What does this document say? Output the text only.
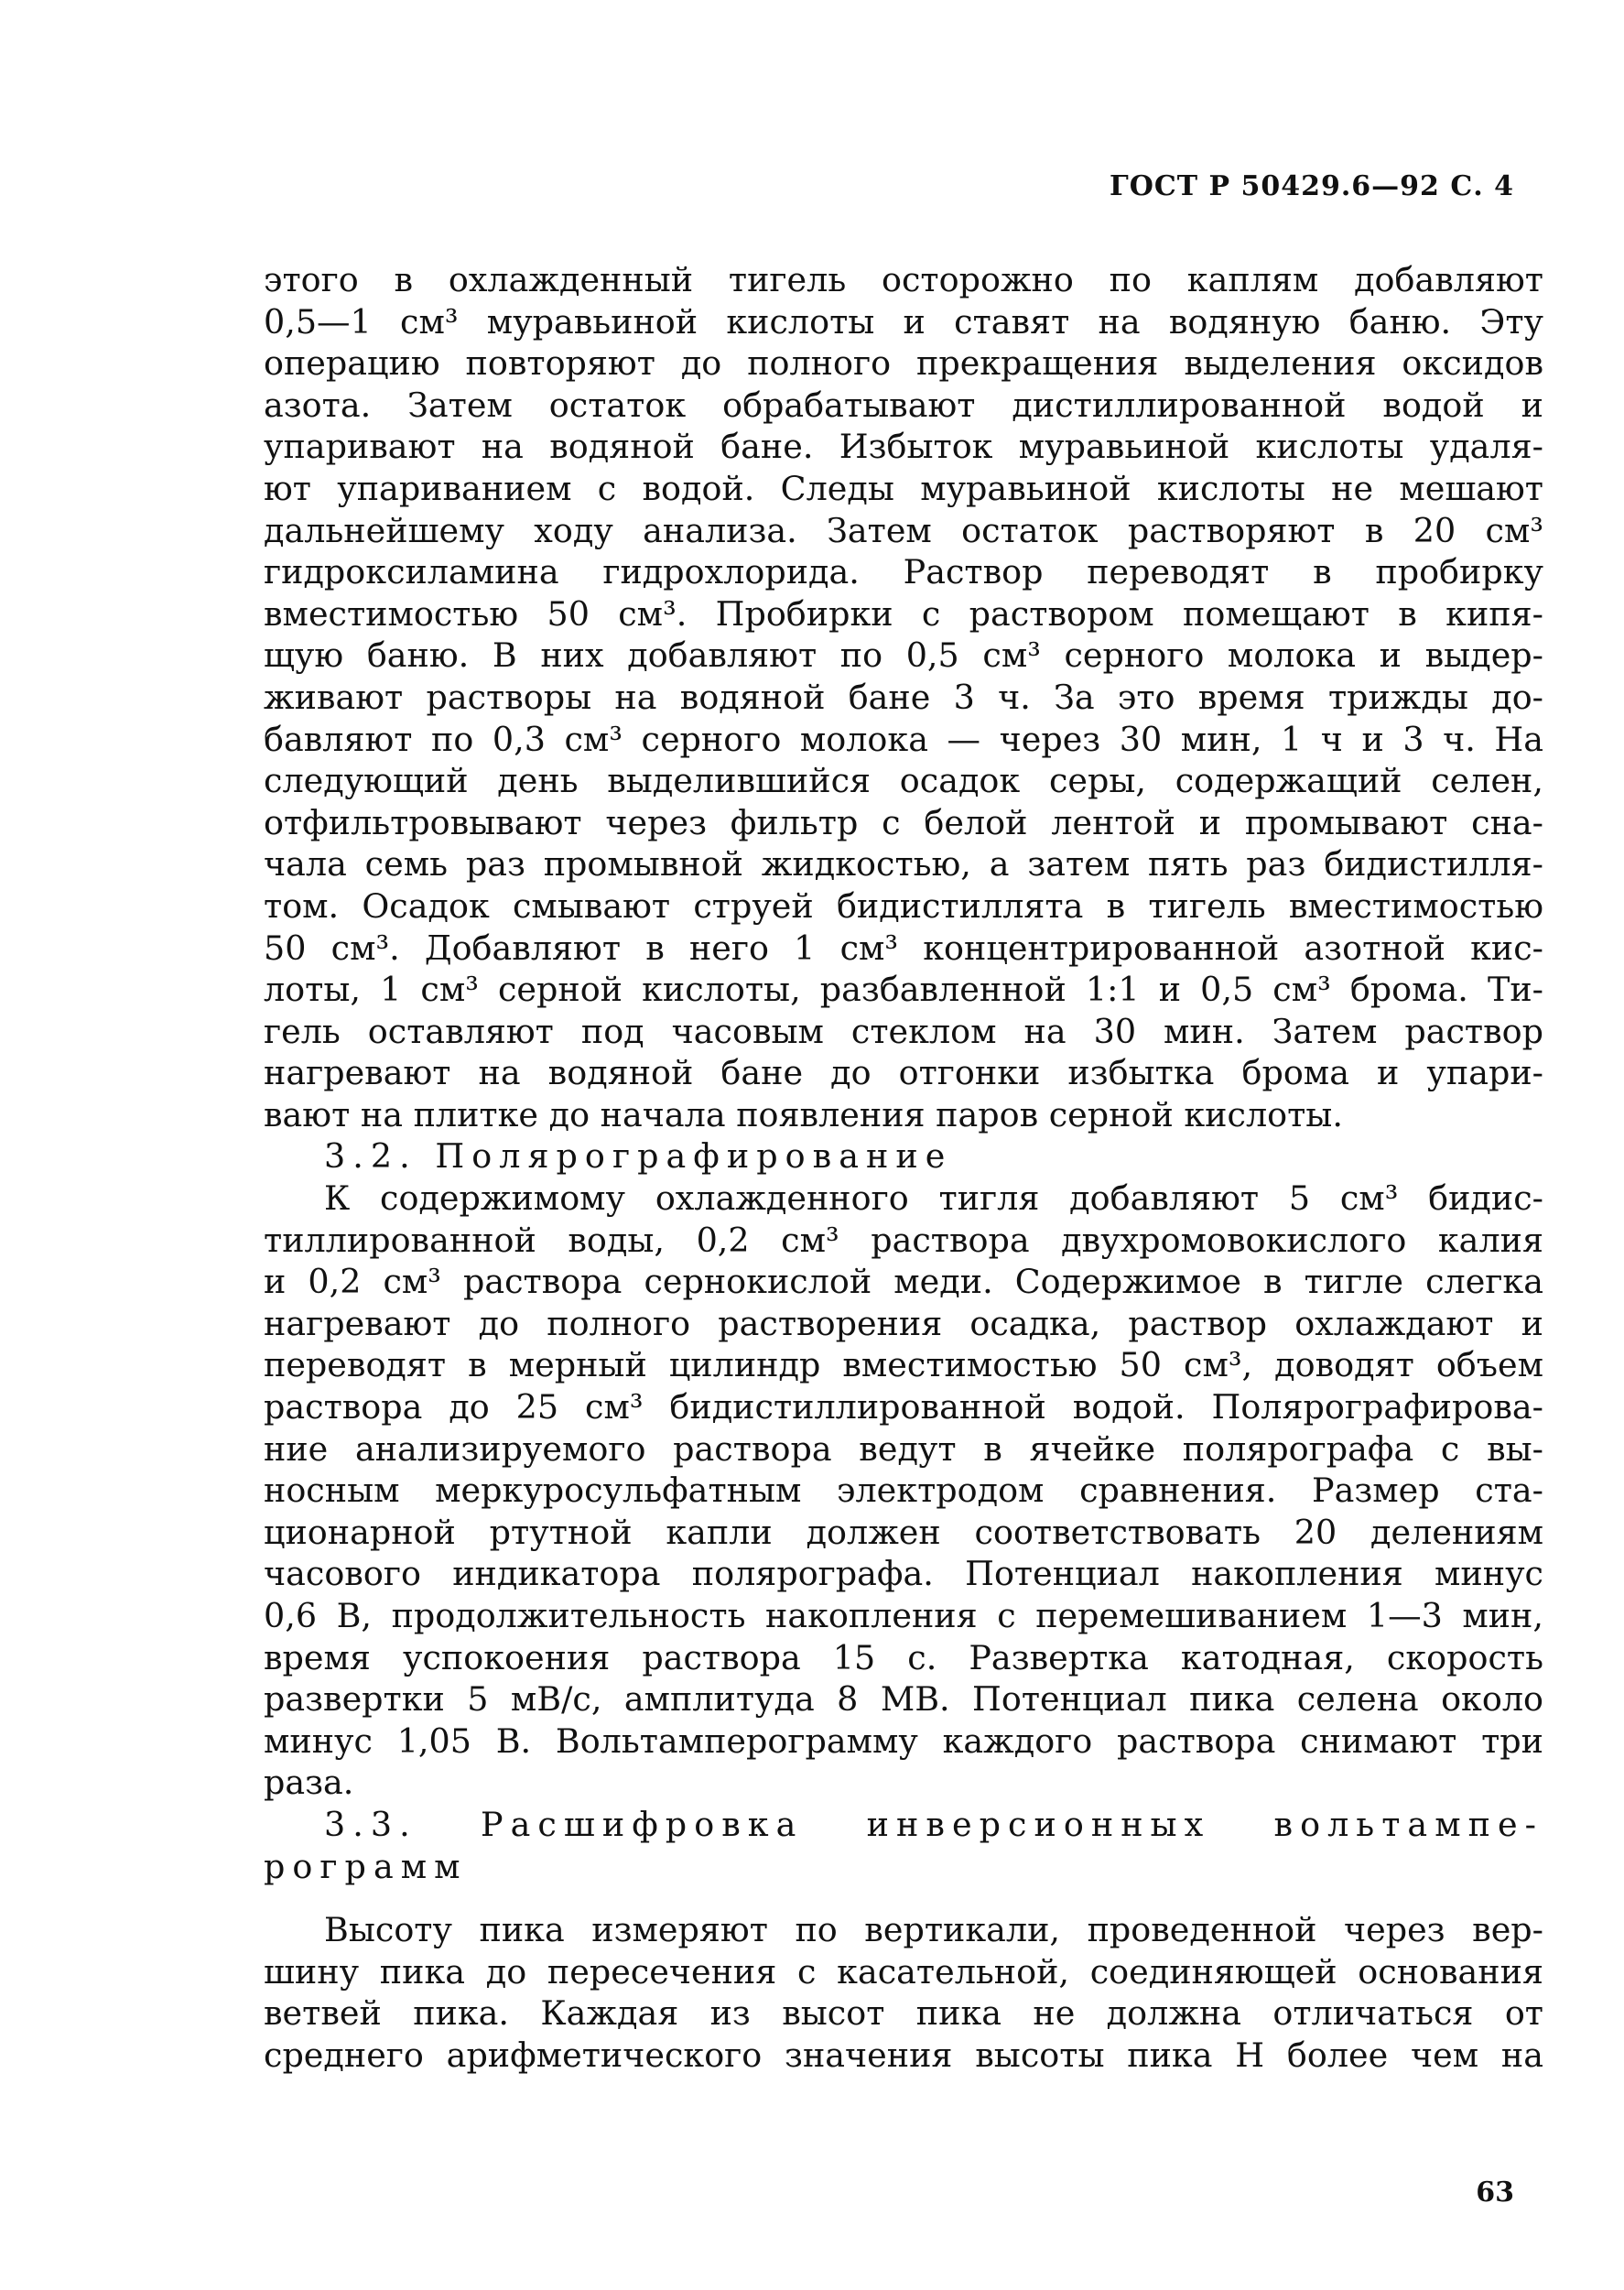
ГОСТ Р 50429.6—92 С. 4
этого в охлажденный тигель осторожно по каплям добавляют
0,5—1 см³ муравьиной кислоты и ставят на водяную баню. Эту
операцию повторяют до полного прекращения выделения оксидов
азота. Затем остаток обрабатывают дистиллированной водой и
упаривают на водяной бане. Избыток муравьиной кислоты удаля-
ют упариванием с водой. Следы муравьиной кислоты не мешают
дальнейшему ходу анализа. Затем остаток растворяют в 20 см³
гидроксиламина гидрохлорида. Раствор переводят в пробирку
вместимостью 50 см³. Пробирки с раствором помещают в кипя-
щую баню. В них добавляют по 0,5 см³ серного молока и выдер-
живают растворы на водяной бане 3 ч. За это время трижды до-
бавляют по 0,3 см³ серного молока — через 30 мин, 1 ч и 3 ч. На
следующий день выделившийся осадок серы, содержащий селен,
отфильтровывают через фильтр с белой лентой и промывают сна-
чала семь раз промывной жидкостью, а затем пять раз бидистилля-
том. Осадок смывают струей бидистиллята в тигель вместимостью
50 см³. Добавляют в него 1 см³ концентрированной азотной кис-
лоты, 1 см³ серной кислоты, разбавленной 1:1 и 0,5 см³ брома. Ти-
гель оставляют под часовым стеклом на 30 мин. Затем раствор
нагревают на водяной бане до отгонки избытка брома и упари-
вают на плитке до начала появления паров серной кислоты.
3.2. Полярографирование
К содержимому охлажденного тигля добавляют 5 см³ бидис-
тиллированной воды, 0,2 см³ раствора двухромовокислого калия
и 0,2 см³ раствора сернокислой меди. Содержимое в тигле слегка
нагревают до полного растворения осадка, раствор охлаждают и
переводят в мерный цилиндр вместимостью 50 см³, доводят объем
раствора до 25 см³ бидистиллированной водой. Полярографирова-
ние анализируемого раствора ведут в ячейке полярографа с вы-
носным меркуросульфатным электродом сравнения. Размер ста-
ционарной ртутной капли должен соответствовать 20 делениям
часового индикатора полярографа. Потенциал накопления минус
0,6 В, продолжительность накопления с перемешиванием 1—3 мин,
время успокоения раствора 15 с. Развертка катодная, скорость
развертки 5 мВ/с, амплитуда 8 МВ. Потенциал пика селена около
минус 1,05 В. Вольтамперограмму каждого раствора снимают три
раза.
3.3. Расшифровка инверсионных вольтампе-
рограмм
Высоту пика измеряют по вертикали, проведенной через вер-
шину пика до пересечения с касательной, соединяющей основания
ветвей пика. Каждая из высот пика не должна отличаться от
среднего арифметического значения высоты пика H более чем на
63
